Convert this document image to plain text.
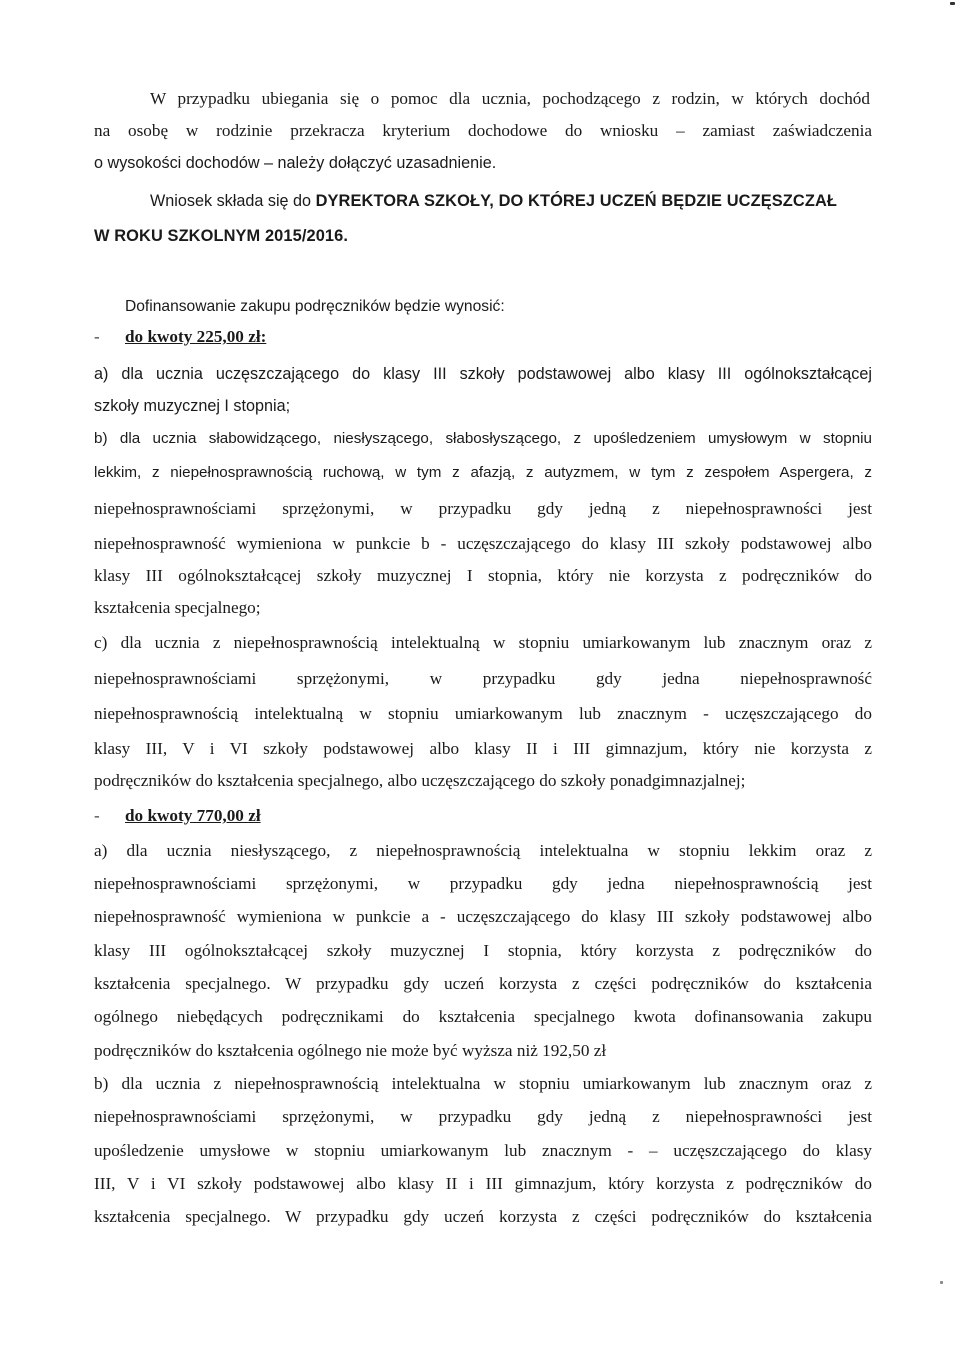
W przypadku ubiegania się o pomoc dla ucznia, pochodzącego z rodzin, w których dochód
na osobę w rodzinie przekracza kryterium dochodowe do wniosku – zamiast zaświadczenia
o wysokości dochodów – należy dołączyć uzasadnienie.
Wniosek składa się do DYREKTORA SZKOŁY, DO KTÓREJ UCZEŃ BĘDZIE UCZĘSZCZAŁ
W ROKU SZKOLNYM 2015/2016.
Dofinansowanie zakupu podręczników będzie wynosić:
- do kwoty 225,00 zł:
a) dla ucznia uczęszczającego do klasy III szkoły podstawowej albo klasy III ogólnokształcącej
szkoły muzycznej I stopnia;
b) dla ucznia słabowidzącego, niesłyszącego, słabosłyszącego, z upośledzeniem umysłowym w stopniu
lekkim, z niepełnosprawnością ruchową, w tym z afazją, z autyzmem, w tym z zespołem Aspergera, z
niepełnosprawnościami sprzężonymi, w przypadku gdy jedną z niepełnosprawności jest
niepełnosprawność wymieniona w punkcie b - uczęszczającego do klasy III szkoły podstawowej albo
klasy III ogólnokształcącej szkoły muzycznej I stopnia, który nie korzysta z podręczników do
kształcenia specjalnego;
c) dla ucznia z niepełnosprawnością intelektualną w stopniu umiarkowanym lub znacznym oraz z
niepełnosprawnościami sprzężonymi, w przypadku gdy jedna niepełnosprawność
niepełnosprawnością intelektualną w stopniu umiarkowanym lub znacznym - uczęszczającego do
klasy III, V i VI szkoły podstawowej albo klasy II i III gimnazjum, który nie korzysta z
podręczników do kształcenia specjalnego, albo uczęszczającego do szkoły ponadgimnazjalnej;
- do kwoty 770,00 zł
a) dla ucznia niesłyszącego, z niepełnosprawnością intelektualna w stopniu lekkim oraz z
niepełnosprawnościami sprzężonymi, w przypadku gdy jedna niepełnosprawnością jest
niepełnosprawność wymieniona w punkcie a - uczęszczającego do klasy III szkoły podstawowej albo
klasy III ogólnokształcącej szkoły muzycznej I stopnia, który korzysta z podręczników do
kształcenia specjalnego. W przypadku gdy uczeń korzysta z części podręczników do kształcenia
ogólnego niebędących podręcznikami do kształcenia specjalnego kwota dofinansowania zakupu
podręczników do kształcenia ogólnego nie może być wyższa niż 192,50 zł
b) dla ucznia z niepełnosprawnością intelektualna w stopniu umiarkowanym lub znacznym oraz z
niepełnosprawnościami sprzężonymi, w przypadku gdy jedną z niepełnosprawności jest
upośledzenie umysłowe w stopniu umiarkowanym lub znacznym - – uczęszczającego do klasy
III, V i VI szkoły podstawowej albo klasy II i III gimnazjum, który korzysta z podręczników do
kształcenia specjalnego. W przypadku gdy uczeń korzysta z części podręczników do kształcenia
